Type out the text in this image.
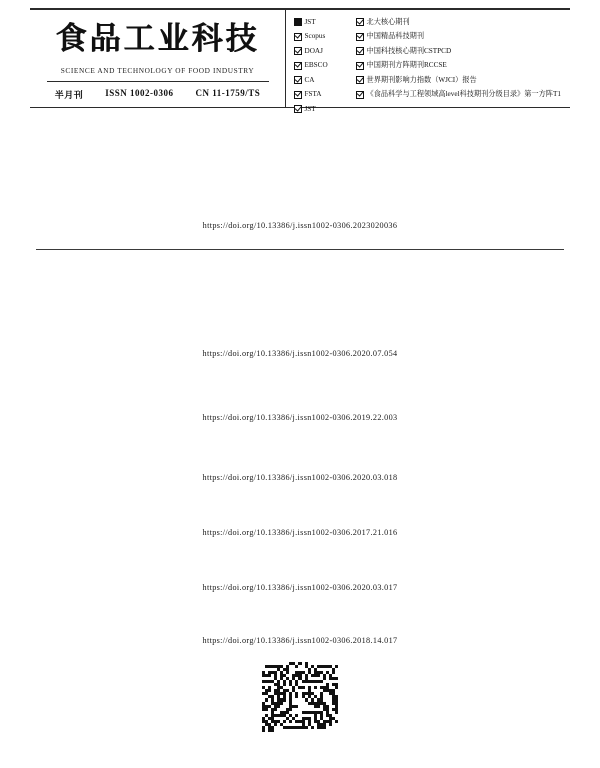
食品工业科技
SCIENCE AND TECHNOLOGY OF FOOD INDUSTRY
半月刊 ISSN 1002-0306 CN 11-1759/TS
JST
Scopus
DOAJ
EBSCO
CA
FSTA
JST
北大核心期刊
中国精品科技期刊
中国科技核心期刊CSTPCD
中国期刊方阵期刊RCCSE
世界期刊影响力指数（WJCI）报告
《食品科学与工程领域高level科技期刊分级目录》第一方阵T1
https://doi.org/10.13386/j.issn1002-0306.2023020036
https://doi.org/10.13386/j.issn1002-0306.2020.07.054
https://doi.org/10.13386/j.issn1002-0306.2019.22.003
https://doi.org/10.13386/j.issn1002-0306.2020.03.018
https://doi.org/10.13386/j.issn1002-0306.2017.21.016
https://doi.org/10.13386/j.issn1002-0306.2020.03.017
https://doi.org/10.13386/j.issn1002-0306.2018.14.017
